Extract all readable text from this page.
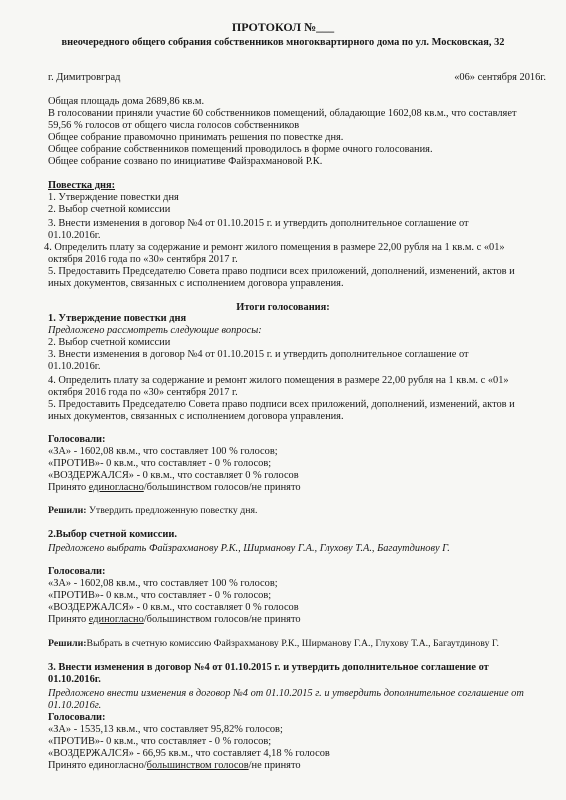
ПРОТОКОЛ №___
внеочередного общего собрания собственников многоквартирного дома по ул. Московская, 32
г. Димитровград	«06» сентября 2016г.
Общая площадь дома 2689,86 кв.м.
В голосовании приняли участие 60 собственников помещений, обладающие 1602,08 кв.м., что составляет
59,56 % голосов от общего числа голосов собственников
Общее собрание правомочно принимать решения по повестке дня.
Общее собрание собственников помещений проводилось в форме очного голосования.
Общее собрание созвано по инициативе Файзрахмановой Р.К.
Повестка дня:
1. Утверждение повестки дня
2. Выбор счетной комиссии
3. Внести изменения в договор №4 от 01.10.2015 г. и утвердить дополнительное соглашение от
01.10.2016г.
4. Определить плату за содержание и ремонт жилого помещения в размере 22,00 рубля на 1 кв.м. с «01»
октября 2016 года по «30» сентября 2017 г.
5. Предоставить Председателю Совета право подписи всех приложений, дополнений, изменений, актов и
иных документов, связанных с исполнением договора управления.
Итоги голосования:
1. Утверждение повестки дня
Предложено рассмотреть следующие вопросы:
2. Выбор счетной комиссии
3. Внести изменения в договор №4 от 01.10.2015 г. и утвердить дополнительное соглашение от
01.10.2016г.
4. Определить плату за содержание и ремонт жилого помещения в размере 22,00 рубля на 1 кв.м. с «01»
октября 2016 года по «30» сентября 2017 г.
5. Предоставить Председателю Совета право подписи всех приложений, дополнений, изменений, актов и
иных документов, связанных с исполнением договора управления.
Голосовали:
«ЗА» - 1602,08 кв.м., что составляет 100 % голосов;
«ПРОТИВ»- 0 кв.м., что составляет - 0 % голосов;
«ВОЗДЕРЖАЛСЯ» - 0 кв.м., что составляет 0 % голосов
Принято единогласно/большинством голосов/не принято
Решили: Утвердить предложенную повестку дня.
2.Выбор счетной комиссии.
Предложено выбрать Файзрахманову Р.К., Ширманову Г.А., Глухову Т.А., Багаутдинову Г.
Голосовали:
«ЗА» - 1602,08 кв.м., что составляет 100 % голосов;
«ПРОТИВ»- 0 кв.м., что составляет - 0 % голосов;
«ВОЗДЕРЖАЛСЯ» - 0 кв.м., что составляет 0 % голосов
Принято единогласно/большинством голосов/не принято
Решили:Выбрать в счетную комиссию Файзрахманову Р.К., Ширманову Г.А., Глухову Т.А., Багаутдинову Г.
3. Внести изменения в договор №4 от 01.10.2015 г. и утвердить дополнительное соглашение от
01.10.2016г.
Предложено внести изменения в договор №4 от 01.10.2015 г. и утвердить дополнительное соглашение от
01.10.2016г.
Голосовали:
«ЗА» - 1535,13 кв.м., что составляет 95,82% голосов;
«ПРОТИВ»- 0 кв.м., что составляет - 0 % голосов;
«ВОЗДЕРЖАЛСЯ» - 66,95 кв.м., что составляет 4,18 % голосов
Принято единогласно/большинством голосов/не принято
